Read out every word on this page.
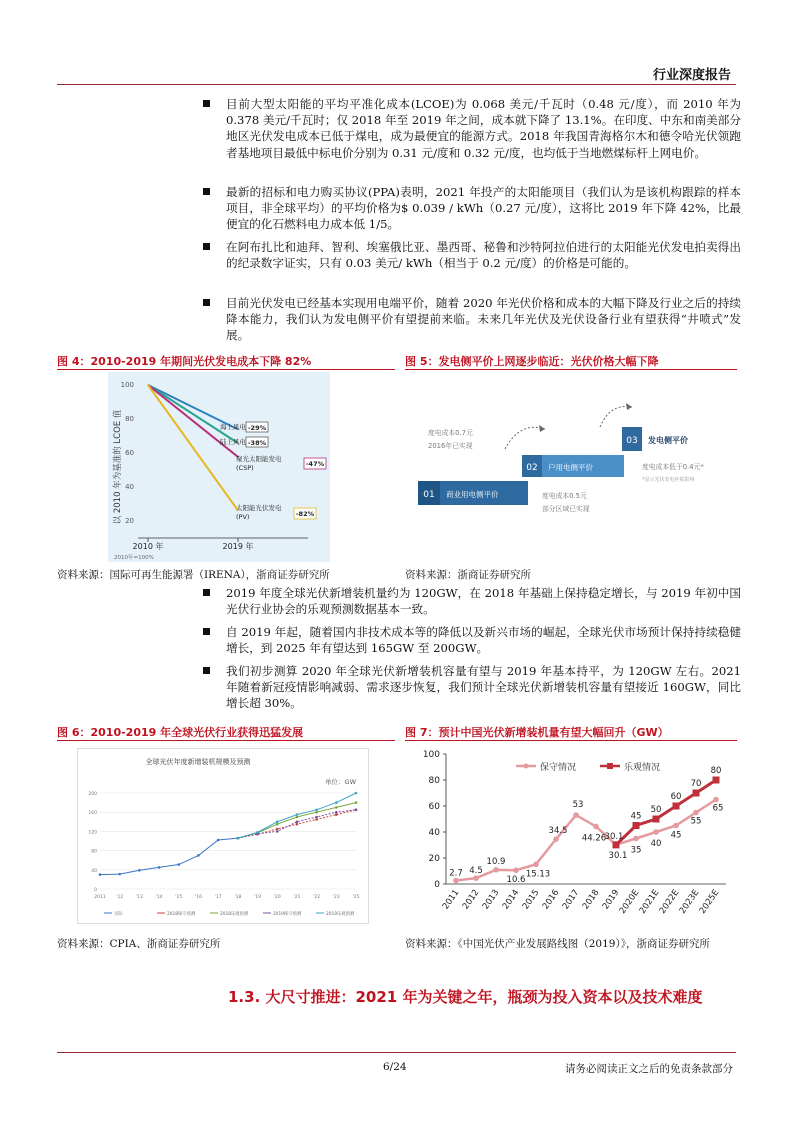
行业深度报告
目前大型太阳能的平均平准化成本(LCOE)为 0.068 美元/千瓦时（0.48 元/度），而 2010 年为 0.378 美元/千瓦时；仅 2018 年至 2019 年之间，成本就下降了 13.1%。在印度、中东和南美部分地区光伏发电成本已低于煤电，成为最便宜的能源方式。2018 年我国青海格尔木和德令哈光伏领跑者基地项目最低中标电价分别为 0.31 元/度和 0.32 元/度，也均低于当地燃煤标杆上网电价。
最新的招标和电力购买协议(PPA)表明，2021 年投产的太阳能项目（我们认为是该机构跟踪的样本项目，非全球平均）的平均价格为$ 0.039 / kWh（0.27 元/度），这将比 2019 年下降 42%，比最便宜的化石燃料电力成本低 1/5。
在阿布扎比和迪拜、智利、埃塞俄比亚、墨西哥、秘鲁和沙特阿拉伯进行的太阳能光伏发电拍卖得出的纪录数字证实，只有 0.03 美元/ kWh（相当于 0.2 元/度）的价格是可能的。
目前光伏发电已经基本实现用电端平价，随着 2020 年光伏价格和成本的大幅下降及行业之后的持续降本能力，我们认为发电侧平价有望提前来临。未来几年光伏及光伏设备行业有望获得“井喷式”发展。
图 4：2010-2019 年期间光伏发电成本下降 82%	图 5：发电侧平价上网逐步临近：光伏价格大幅下降
以 2010 年为基准的 LCOE 值
100
80
60
40
20
2010 年	2019 年
2010年=100%
海上风电 -29%
陆上风电 -38%
聚光太阳能发电
(CSP)	-47%
太阳能光伏发电
(PV)	-82%
01 商业用电侧平价
02 户用电侧平价
03 发电侧平价
度电成本0.7元
2016年已实现
度电成本0.5元
部分区域已实现
度电成本低于0.4元*
*显示光伏发电补贴影响
资料来源：国际可再生能源署（IRENA），浙商证券研究所	资料来源：浙商证券研究所
2019 年度全球光伏新增装机量约为 120GW，在 2018 年基础上保持稳定增长，与 2019 年初中国光伏行业协会的乐观预测数据基本一致。
自 2019 年起，随着国内非技术成本等的降低以及新兴市场的崛起，全球光伏市场预计保持持续稳健增长，到 2025 年有望达到 165GW 至 200GW。
我们初步测算 2020 年全球光伏新增装机容量有望与 2019 年基本持平，为 120GW 左右。2021 年随着新冠疫情影响减弱、需求逐步恢复，我们预计全球光伏新增装机容量有望接近 160GW，同比增长超 30%。
图 6：2010-2019 年全球光伏行业获得迅猛发展	图 7：预计中国光伏新增装机量有望大幅回升（GW）
全球光伏年度新增装机规模及预测
单位：GW
200
160
120
80
40
0
2011 '12	'13	'14	'15	'16	'17	'18	'19	'20	'21	'22	'23	'25
实际	2018保守预测	2018乐观预测	2019保守预测	2019乐观预测
100
80
60
40
20
0
2011 2012 2013 2014 2015 2016 2017 2018 2019
2020E
2021E
2022E
2023E
2025E
2.7 4.5
10.9
10.6
15.13
34.5
53
44.26
30.1
35
40
45
55
65
30.1
45
50
60
70
80
保守情况	乐观情况
资料来源：CPIA、浙商证券研究所	资料来源：《中国光伏产业发展路线图（2019）》，浙商证券研究所
1.3. 大尺寸推进：2021 年为关键之年，瓶颈为投入资本以及技术难度
6/24	请务必阅读正文之后的免责条款部分
